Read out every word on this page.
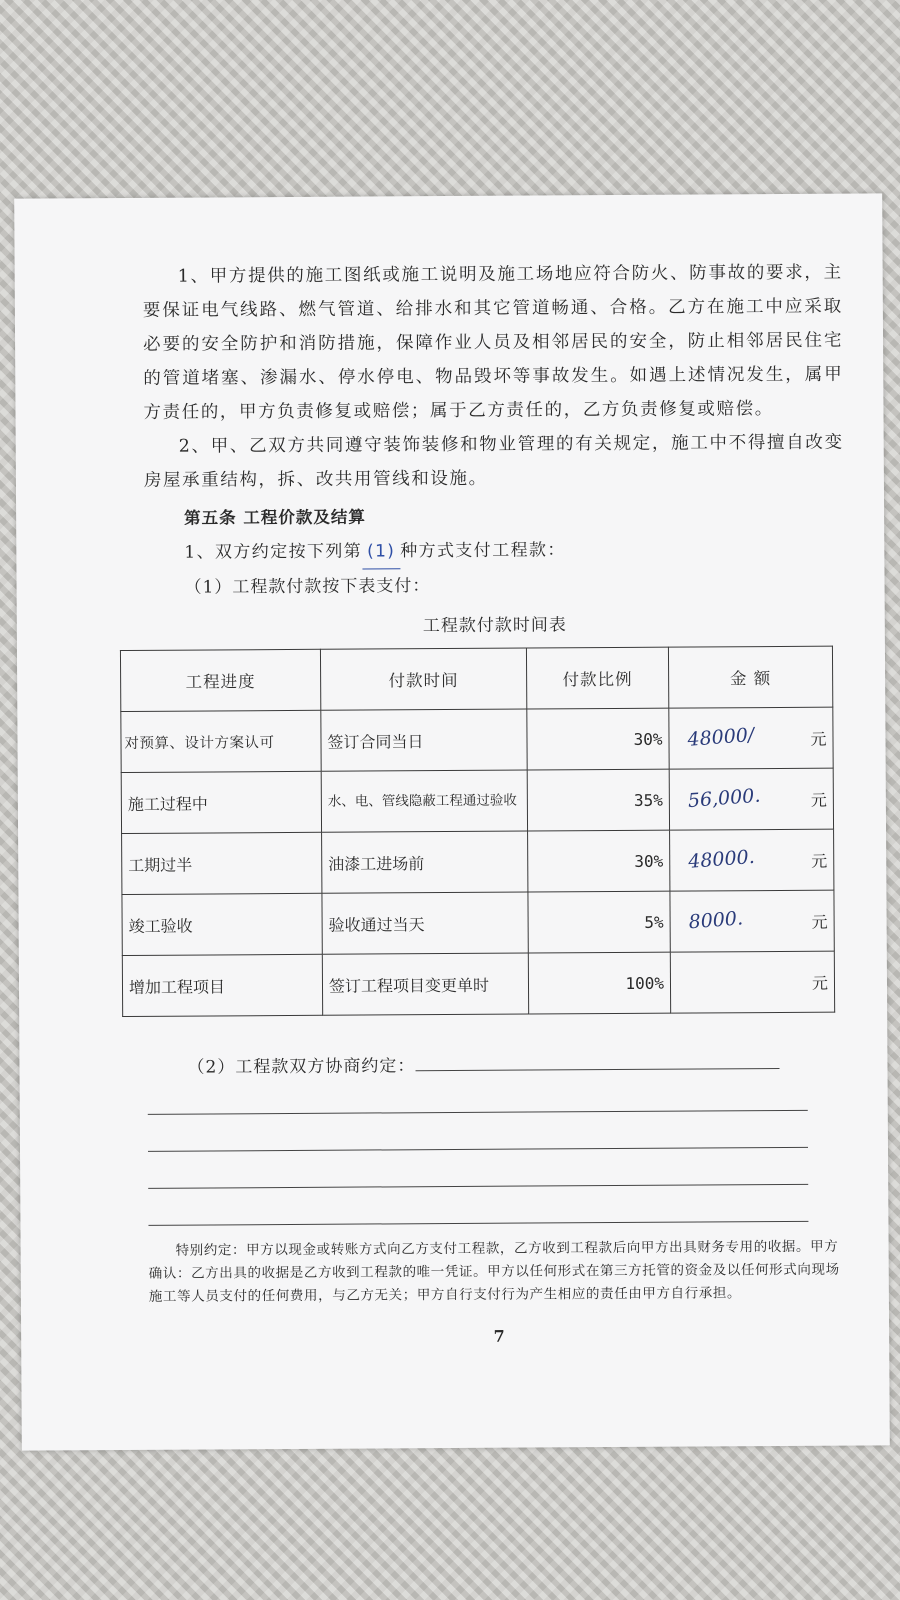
1、甲方提供的施工图纸或施工说明及施工场地应符合防火、防事故的要求，主要保证电气线路、燃气管道、给排水和其它管道畅通、合格。乙方在施工中应采取必要的安全防护和消防措施，保障作业人员及相邻居民的安全，防止相邻居民住宅的管道堵塞、渗漏水、停水停电、物品毁坏等事故发生。如遇上述情况发生，属甲方责任的，甲方负责修复或赔偿；属于乙方责任的，乙方负责修复或赔偿。

2、甲、乙双方共同遵守装饰装修和物业管理的有关规定，施工中不得擅自改变房屋承重结构，拆、改共用管线和设施。

第五条 工程价款及结算
1、双方约定按下列第 (1) 种方式支付工程款：
（1）工程款付款按下表支付：
工程款付款时间表
工程进度	付款时间	付款比例	金 额
对预算、设计方案认可	签订合同当日	30%	48000/ 元
施工过程中	水、电、管线隐蔽工程通过验收	35%	56,000. 元
工期过半	油漆工进场前	30%	48000. 元
竣工验收	验收通过当天	5%	8000. 元
增加工程项目	签订工程项目变更单时	100%	元
（2）工程款双方协商约定：

特别约定：甲方以现金或转账方式向乙方支付工程款，乙方收到工程款后向甲方出具财务专用的收据。甲方确认：乙方出具的收据是乙方收到工程款的唯一凭证。甲方以任何形式在第三方托管的资金及以任何形式向现场施工等人员支付的任何费用，与乙方无关；甲方自行支付行为产生相应的责任由甲方自行承担。

7
